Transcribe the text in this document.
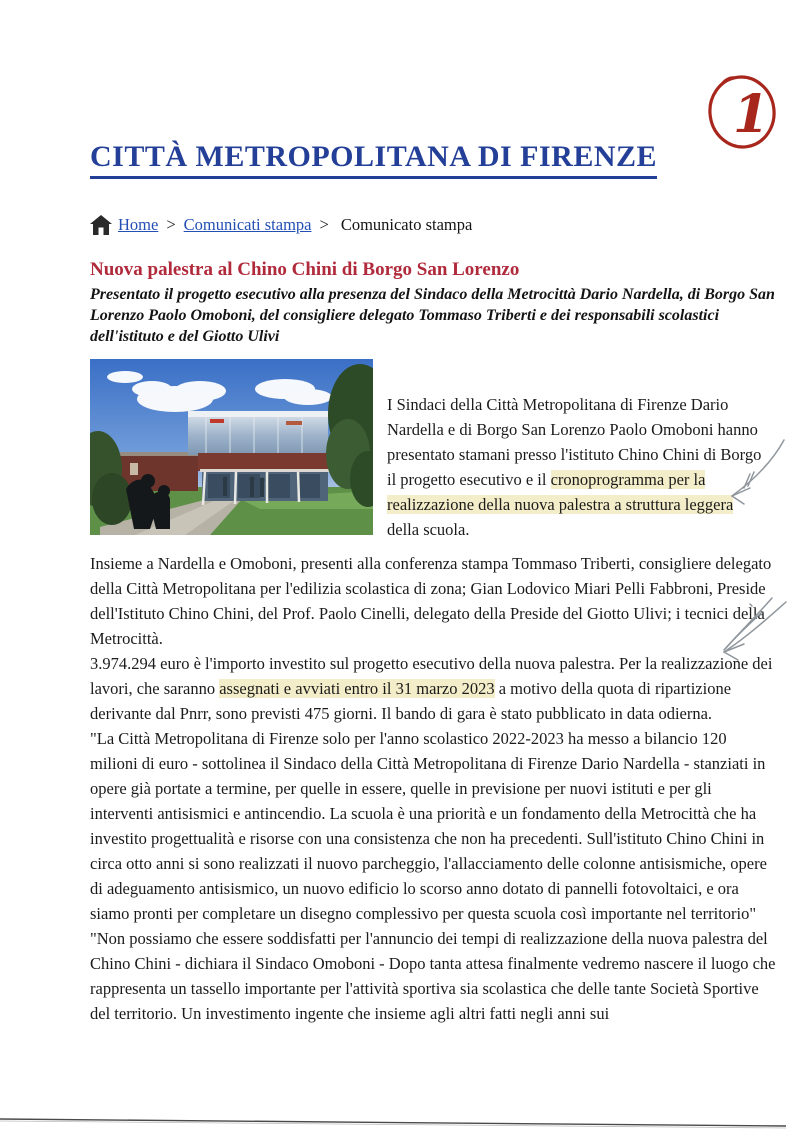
1
CITTÀ METROPOLITANA DI FIRENZE
Home > Comunicati stampa > Comunicato stampa
Nuova palestra al Chino Chini di Borgo San Lorenzo

Presentato il progetto esecutivo alla presenza del Sindaco della Metrocittà Dario Nardella, di Borgo San Lorenzo Paolo Omoboni, del consigliere delegato Tommaso Triberti e dei responsabili scolastici dell'istituto e del Giotto Ulivi

I Sindaci della Città Metropolitana di Firenze Dario Nardella e di Borgo San Lorenzo Paolo Omoboni hanno presentato stamani presso l'istituto Chino Chini di Borgo il progetto esecutivo e il cronoprogramma per la realizzazione della nuova palestra a struttura leggera della scuola.

Insieme a Nardella e Omoboni, presenti alla conferenza stampa Tommaso Triberti, consigliere delegato della Città Metropolitana per l'edilizia scolastica di zona; Gian Lodovico Miari Pelli Fabbroni, Preside dell'Istituto Chino Chini, del Prof. Paolo Cinelli, delegato della Preside del Giotto Ulivi; i tecnici della Metrocittà.

3.974.294 euro è l'importo investito sul progetto esecutivo della nuova palestra. Per la realizzazione dei lavori, che saranno assegnati e avviati entro il 31 marzo 2023 a motivo della quota di ripartizione derivante dal Pnrr, sono previsti 475 giorni. Il bando di gara è stato pubblicato in data odierna.

"La Città Metropolitana di Firenze solo per l'anno scolastico 2022-2023 ha messo a bilancio 120 milioni di euro - sottolinea il Sindaco della Città Metropolitana di Firenze Dario Nardella - stanziati in opere già portate a termine, per quelle in essere, quelle in previsione per nuovi istituti e per gli interventi antisismici e antincendio. La scuola è una priorità e un fondamento della Metrocittà che ha investito progettualità e risorse con una consistenza che non ha precedenti. Sull'istituto Chino Chini in circa otto anni si sono realizzati il nuovo parcheggio, l'allacciamento delle colonne antisismiche, opere di adeguamento antisismico, un nuovo edificio lo scorso anno dotato di pannelli fotovoltaici, e ora siamo pronti per completare un disegno complessivo per questa scuola così importante nel territorio"

"Non possiamo che essere soddisfatti per l'annuncio dei tempi di realizzazione della nuova palestra del Chino Chini - dichiara il Sindaco Omoboni - Dopo tanta attesa finalmente vedremo nascere il luogo che rappresenta un tassello importante per l'attività sportiva sia scolastica che delle tante Società Sportive del territorio. Un investimento ingente che insieme agli altri fatti negli anni sui
